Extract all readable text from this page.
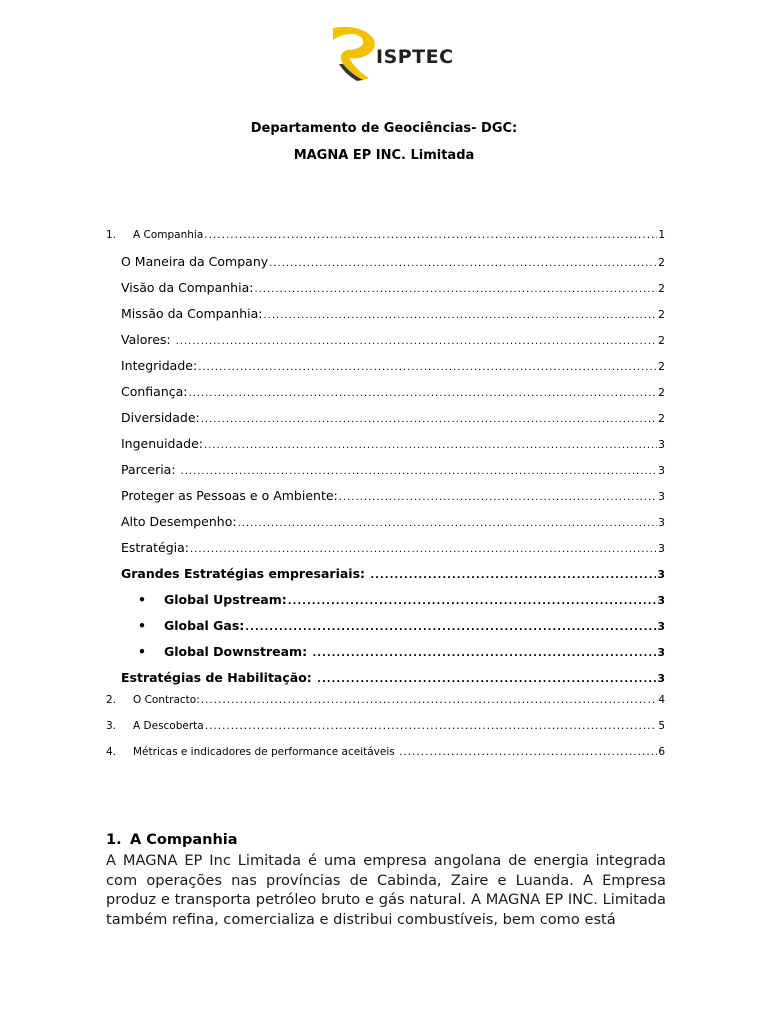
ISPTEC
Departamento de Geociências- DGC:
MAGNA EP INC. Limitada
1.	A Companhia .....	1
O Maneira da Company .....	2
Visão da Companhia: .....	2
Missão da Companhia: .....	2
Valores: .....	2
Integridade: .....	2
Confiança: .....	2
Diversidade: .....	2
Ingenuidade: .....	3
Parceria: .....	3
Proteger as Pessoas e o Ambiente: .....	3
Alto Desempenho: .....	3
Estratégia: .....	3
Grandes Estratégias empresariais: .....	3
•	Global Upstream: .....	3
•	Global Gas: .....	3
•	Global Downstream: .....	3
Estratégias de Habilitação: .....	3
2.	O Contracto: .....	4
3.	A Descoberta .....	5
4.	Métricas e indicadores de performance aceitáveis .....	6
1. A Companhia
A MAGNA EP Inc Limitada é uma empresa angolana de energia integrada com operações nas províncias de Cabinda, Zaire e Luanda. A Empresa produz e transporta petróleo bruto e gás natural. A MAGNA EP INC. Limitada também refina, comercializa e distribui combustíveis, bem como está
